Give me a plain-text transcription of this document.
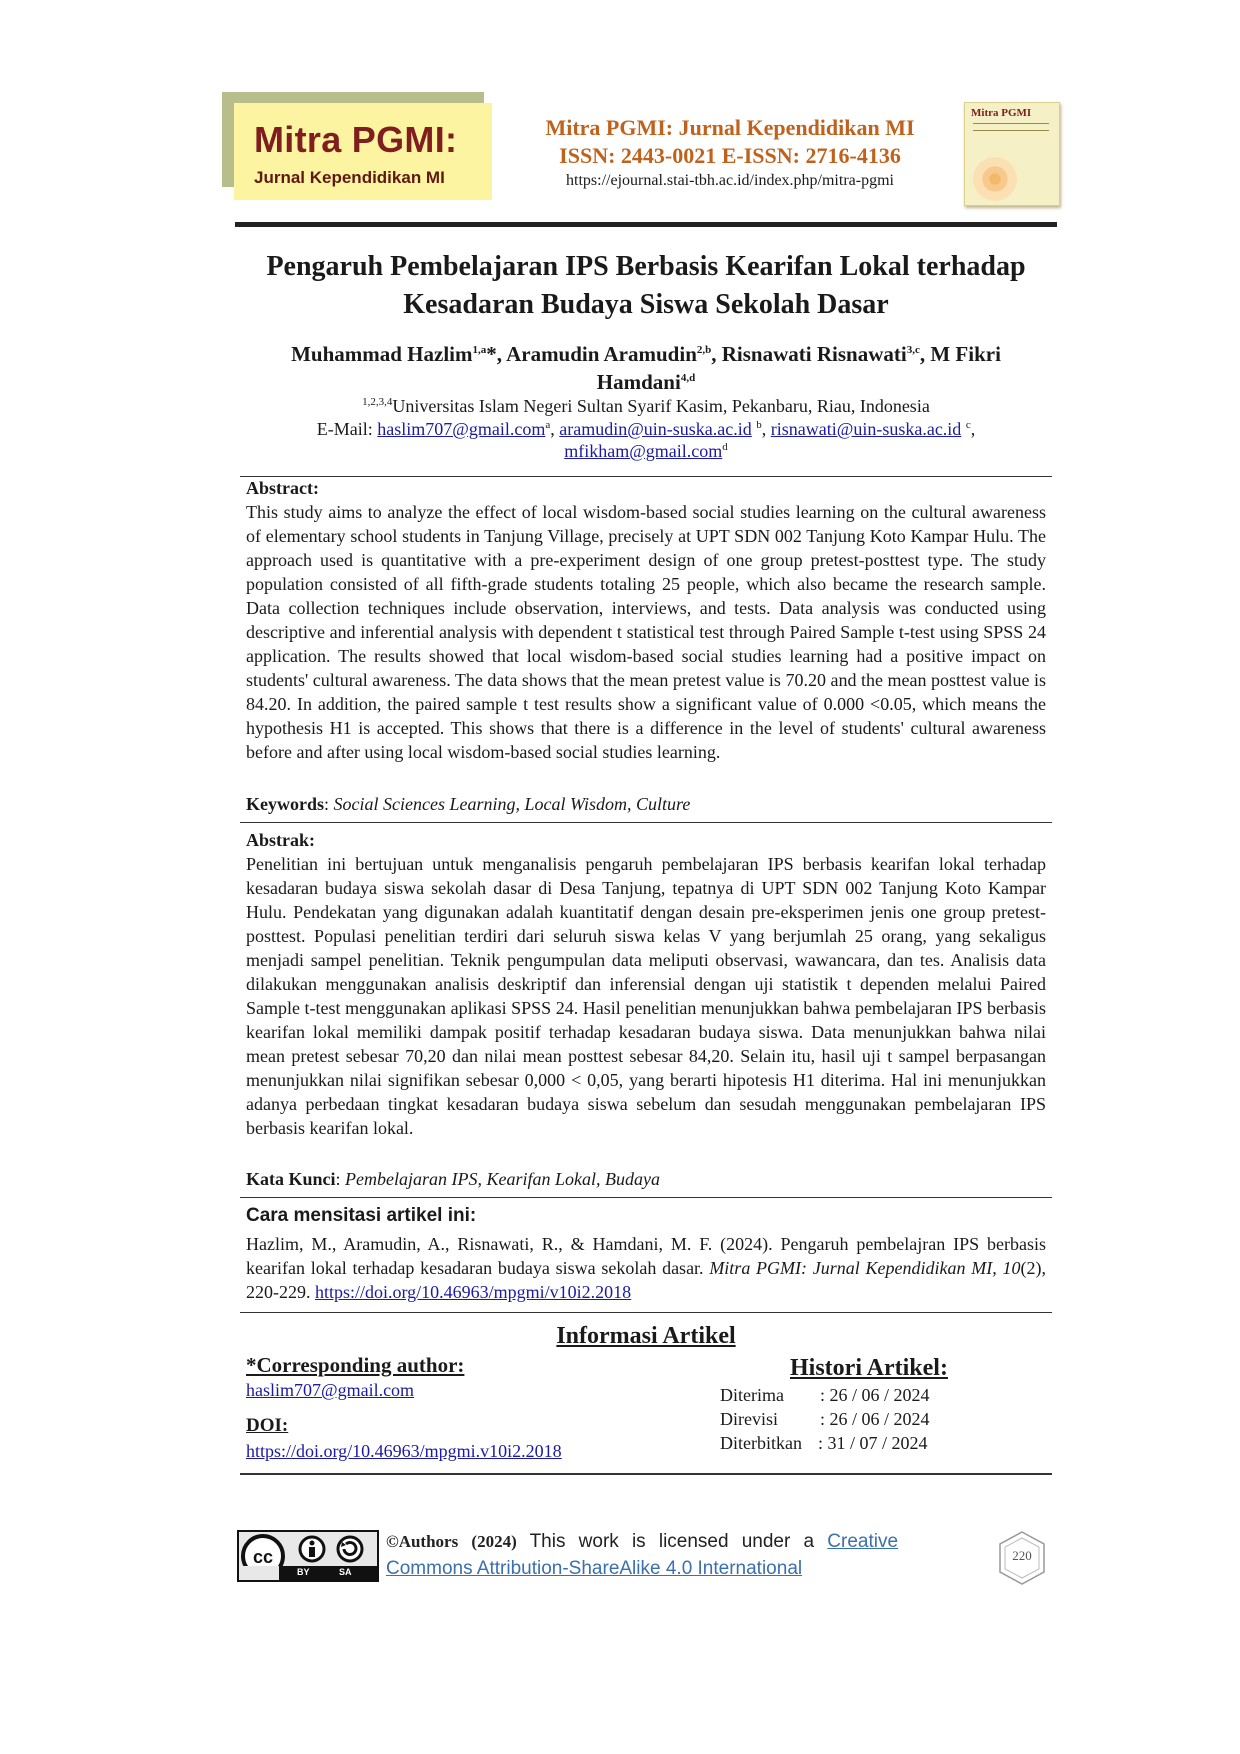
Mitra PGMI:
Jurnal Kependidikan MI
Mitra PGMI: Jurnal Kependidikan MI
ISSN: 2443-0021 E-ISSN: 2716-4136
https://ejournal.stai-tbh.ac.id/index.php/mitra-pgmi
Mitra PGMI
Pengaruh Pembelajaran IPS Berbasis Kearifan Lokal terhadap
Kesadaran Budaya Siswa Sekolah Dasar
Muhammad Hazlim$^{1,a}$*, Aramudin Aramudin$^{2,b}$, Risnawati Risnawati$^{3,c}$, M Fikri
Hamdani$^{4,d}$
$^{1,2,3,4}$Universitas Islam Negeri Sultan Syarif Kasim, Pekanbaru, Riau, Indonesia
E-Mail: haslim707@gmail.com$^a$, aramudin@uin-suska.ac.id $^b$, risnawati@uin-suska.ac.id $^c$,
mfikham@gmail.com$^d$
Abstract:
This study aims to analyze the effect of local wisdom-based social studies learning on the cultural awareness of elementary school students in Tanjung Village, precisely at UPT SDN 002 Tanjung Koto Kampar Hulu. The approach used is quantitative with a pre-experiment design of one group pretest-posttest type. The study population consisted of all fifth-grade students totaling 25 people, which also became the research sample. Data collection techniques include observation, interviews, and tests. Data analysis was conducted using descriptive and inferential analysis with dependent t statistical test through Paired Sample t-test using SPSS 24 application. The results showed that local wisdom-based social studies learning had a positive impact on students' cultural awareness. The data shows that the mean pretest value is 70.20 and the mean posttest value is 84.20. In addition, the paired sample t test results show a significant value of 0.000 <0.05, which means the hypothesis H1 is accepted. This shows that there is a difference in the level of students' cultural awareness before and after using local wisdom-based social studies learning.
Keywords: Social Sciences Learning, Local Wisdom, Culture
Abstrak:
Penelitian ini bertujuan untuk menganalisis pengaruh pembelajaran IPS berbasis kearifan lokal terhadap kesadaran budaya siswa sekolah dasar di Desa Tanjung, tepatnya di UPT SDN 002 Tanjung Koto Kampar Hulu. Pendekatan yang digunakan adalah kuantitatif dengan desain pre-eksperimen jenis one group pretest-posttest. Populasi penelitian terdiri dari seluruh siswa kelas V yang berjumlah 25 orang, yang sekaligus menjadi sampel penelitian. Teknik pengumpulan data meliputi observasi, wawancara, dan tes. Analisis data dilakukan menggunakan analisis deskriptif dan inferensial dengan uji statistik t dependen melalui Paired Sample t-test menggunakan aplikasi SPSS 24. Hasil penelitian menunjukkan bahwa pembelajaran IPS berbasis kearifan lokal memiliki dampak positif terhadap kesadaran budaya siswa. Data menunjukkan bahwa nilai mean pretest sebesar 70,20 dan nilai mean posttest sebesar 84,20. Selain itu, hasil uji t sampel berpasangan menunjukkan nilai signifikan sebesar 0,000 < 0,05, yang berarti hipotesis H1 diterima. Hal ini menunjukkan adanya perbedaan tingkat kesadaran budaya siswa sebelum dan sesudah menggunakan pembelajaran IPS berbasis kearifan lokal.
Kata Kunci: Pembelajaran IPS, Kearifan Lokal, Budaya
Cara mensitasi artikel ini:
Hazlim, M., Aramudin, A., Risnawati, R., & Hamdani, M. F. (2024). Pengaruh pembelajran IPS berbasis kearifan lokal terhadap kesadaran budaya siswa sekolah dasar. Mitra PGMI: Jurnal Kependidikan MI, 10(2), 220-229. https://doi.org/10.46963/mpgmi/v10i2.2018
Informasi Artikel
*Corresponding author:
haslim707@gmail.com
DOI:
https://doi.org/10.46963/mpgmi.v10i2.2018
Histori Artikel:
Diterima : 26 / 06 / 2024
Direvisi : 26 / 06 / 2024
Diterbitkan : 31 / 07 / 2024
cc
BY	SA
©Authors (2024) This work is licensed under a Creative Commons Attribution-ShareAlike 4.0 International
220
